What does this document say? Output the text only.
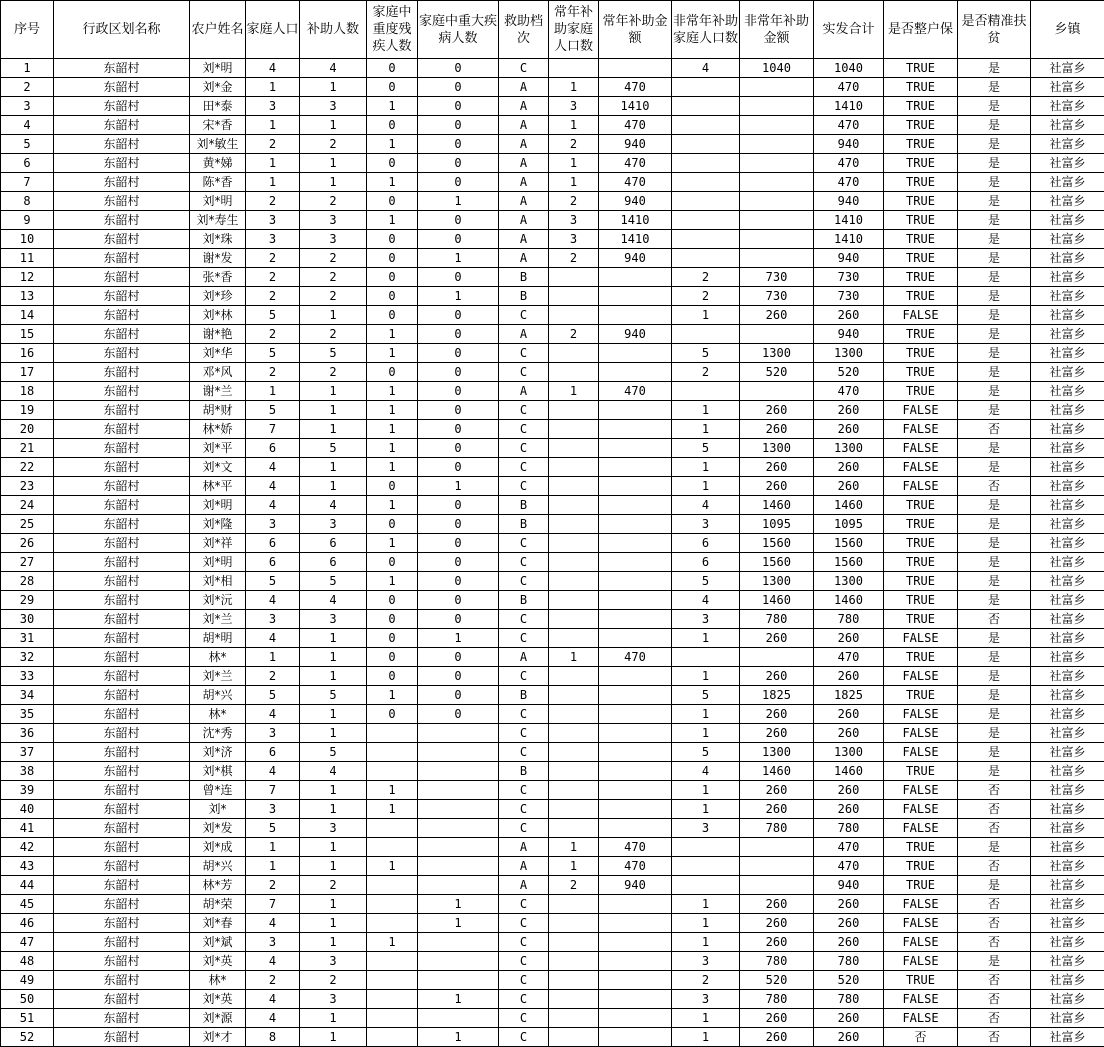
序号	行政区划名称	农户姓名	家庭人口	补助人数	家庭中重度残疾人数	家庭中重大疾病人数	救助档次	常年补助家庭人口数	常年补助金额	非常年补助家庭人口数	非常年补助金额	实发合计	是否整户保	是否精准扶贫	乡镇
1	东韶村	刘*明	4	4	0	0	C			4	1040	1040	TRUE	是	社富乡
2	东韶村	刘*金	1	1	0	0	A	1	470			470	TRUE	是	社富乡
3	东韶村	田*泰	3	3	1	0	A	3	1410			1410	TRUE	是	社富乡
4	东韶村	宋*香	1	1	0	0	A	1	470			470	TRUE	是	社富乡
5	东韶村	刘*敏生	2	2	1	0	A	2	940			940	TRUE	是	社富乡
6	东韶村	黄*娣	1	1	0	0	A	1	470			470	TRUE	是	社富乡
7	东韶村	陈*香	1	1	1	0	A	1	470			470	TRUE	是	社富乡
8	东韶村	刘*明	2	2	0	1	A	2	940			940	TRUE	是	社富乡
9	东韶村	刘*寿生	3	3	1	0	A	3	1410			1410	TRUE	是	社富乡
10	东韶村	刘*珠	3	3	0	0	A	3	1410			1410	TRUE	是	社富乡
11	东韶村	谢*发	2	2	0	1	A	2	940			940	TRUE	是	社富乡
12	东韶村	张*香	2	2	0	0	B			2	730	730	TRUE	是	社富乡
13	东韶村	刘*珍	2	2	0	1	B			2	730	730	TRUE	是	社富乡
14	东韶村	刘*林	5	1	0	0	C			1	260	260	FALSE	是	社富乡
15	东韶村	谢*艳	2	2	1	0	A	2	940			940	TRUE	是	社富乡
16	东韶村	刘*华	5	5	1	0	C			5	1300	1300	TRUE	是	社富乡
17	东韶村	邓*风	2	2	0	0	C			2	520	520	TRUE	是	社富乡
18	东韶村	谢*兰	1	1	1	0	A	1	470			470	TRUE	是	社富乡
19	东韶村	胡*财	5	1	1	0	C			1	260	260	FALSE	是	社富乡
20	东韶村	林*娇	7	1	1	0	C			1	260	260	FALSE	否	社富乡
21	东韶村	刘*平	6	5	1	0	C			5	1300	1300	FALSE	是	社富乡
22	东韶村	刘*文	4	1	1	0	C			1	260	260	FALSE	是	社富乡
23	东韶村	林*平	4	1	0	1	C			1	260	260	FALSE	否	社富乡
24	东韶村	刘*明	4	4	1	0	B			4	1460	1460	TRUE	是	社富乡
25	东韶村	刘*隆	3	3	0	0	B			3	1095	1095	TRUE	是	社富乡
26	东韶村	刘*祥	6	6	1	0	C			6	1560	1560	TRUE	是	社富乡
27	东韶村	刘*明	6	6	0	0	C			6	1560	1560	TRUE	是	社富乡
28	东韶村	刘*相	5	5	1	0	C			5	1300	1300	TRUE	是	社富乡
29	东韶村	刘*沅	4	4	0	0	B			4	1460	1460	TRUE	是	社富乡
30	东韶村	刘*兰	3	3	0	0	C			3	780	780	TRUE	否	社富乡
31	东韶村	胡*明	4	1	0	1	C			1	260	260	FALSE	是	社富乡
32	东韶村	林*	1	1	0	0	A	1	470			470	TRUE	是	社富乡
33	东韶村	刘*兰	2	1	0	0	C			1	260	260	FALSE	是	社富乡
34	东韶村	胡*兴	5	5	1	0	B			5	1825	1825	TRUE	是	社富乡
35	东韶村	林*	4	1	0	0	C			1	260	260	FALSE	是	社富乡
36	东韶村	沈*秀	3	1			C			1	260	260	FALSE	是	社富乡
37	东韶村	刘*济	6	5			C			5	1300	1300	FALSE	是	社富乡
38	东韶村	刘*棋	4	4			B			4	1460	1460	TRUE	是	社富乡
39	东韶村	曾*连	7	1	1		C			1	260	260	FALSE	否	社富乡
40	东韶村	刘*	3	1	1		C			1	260	260	FALSE	否	社富乡
41	东韶村	刘*发	5	3			C			3	780	780	FALSE	否	社富乡
42	东韶村	刘*成	1	1			A	1	470			470	TRUE	是	社富乡
43	东韶村	胡*兴	1	1	1		A	1	470			470	TRUE	否	社富乡
44	东韶村	林*芳	2	2			A	2	940			940	TRUE	是	社富乡
45	东韶村	胡*荣	7	1		1	C			1	260	260	FALSE	否	社富乡
46	东韶村	刘*春	4	1		1	C			1	260	260	FALSE	否	社富乡
47	东韶村	刘*斌	3	1	1		C			1	260	260	FALSE	否	社富乡
48	东韶村	刘*英	4	3			C			3	780	780	FALSE	是	社富乡
49	东韶村	林*	2	2			C			2	520	520	TRUE	否	社富乡
50	东韶村	刘*英	4	3		1	C			3	780	780	FALSE	否	社富乡
51	东韶村	刘*源	4	1			C			1	260	260	FALSE	否	社富乡
52	东韶村	刘*才	8	1		1	C			1	260	260	否	否	社富乡
